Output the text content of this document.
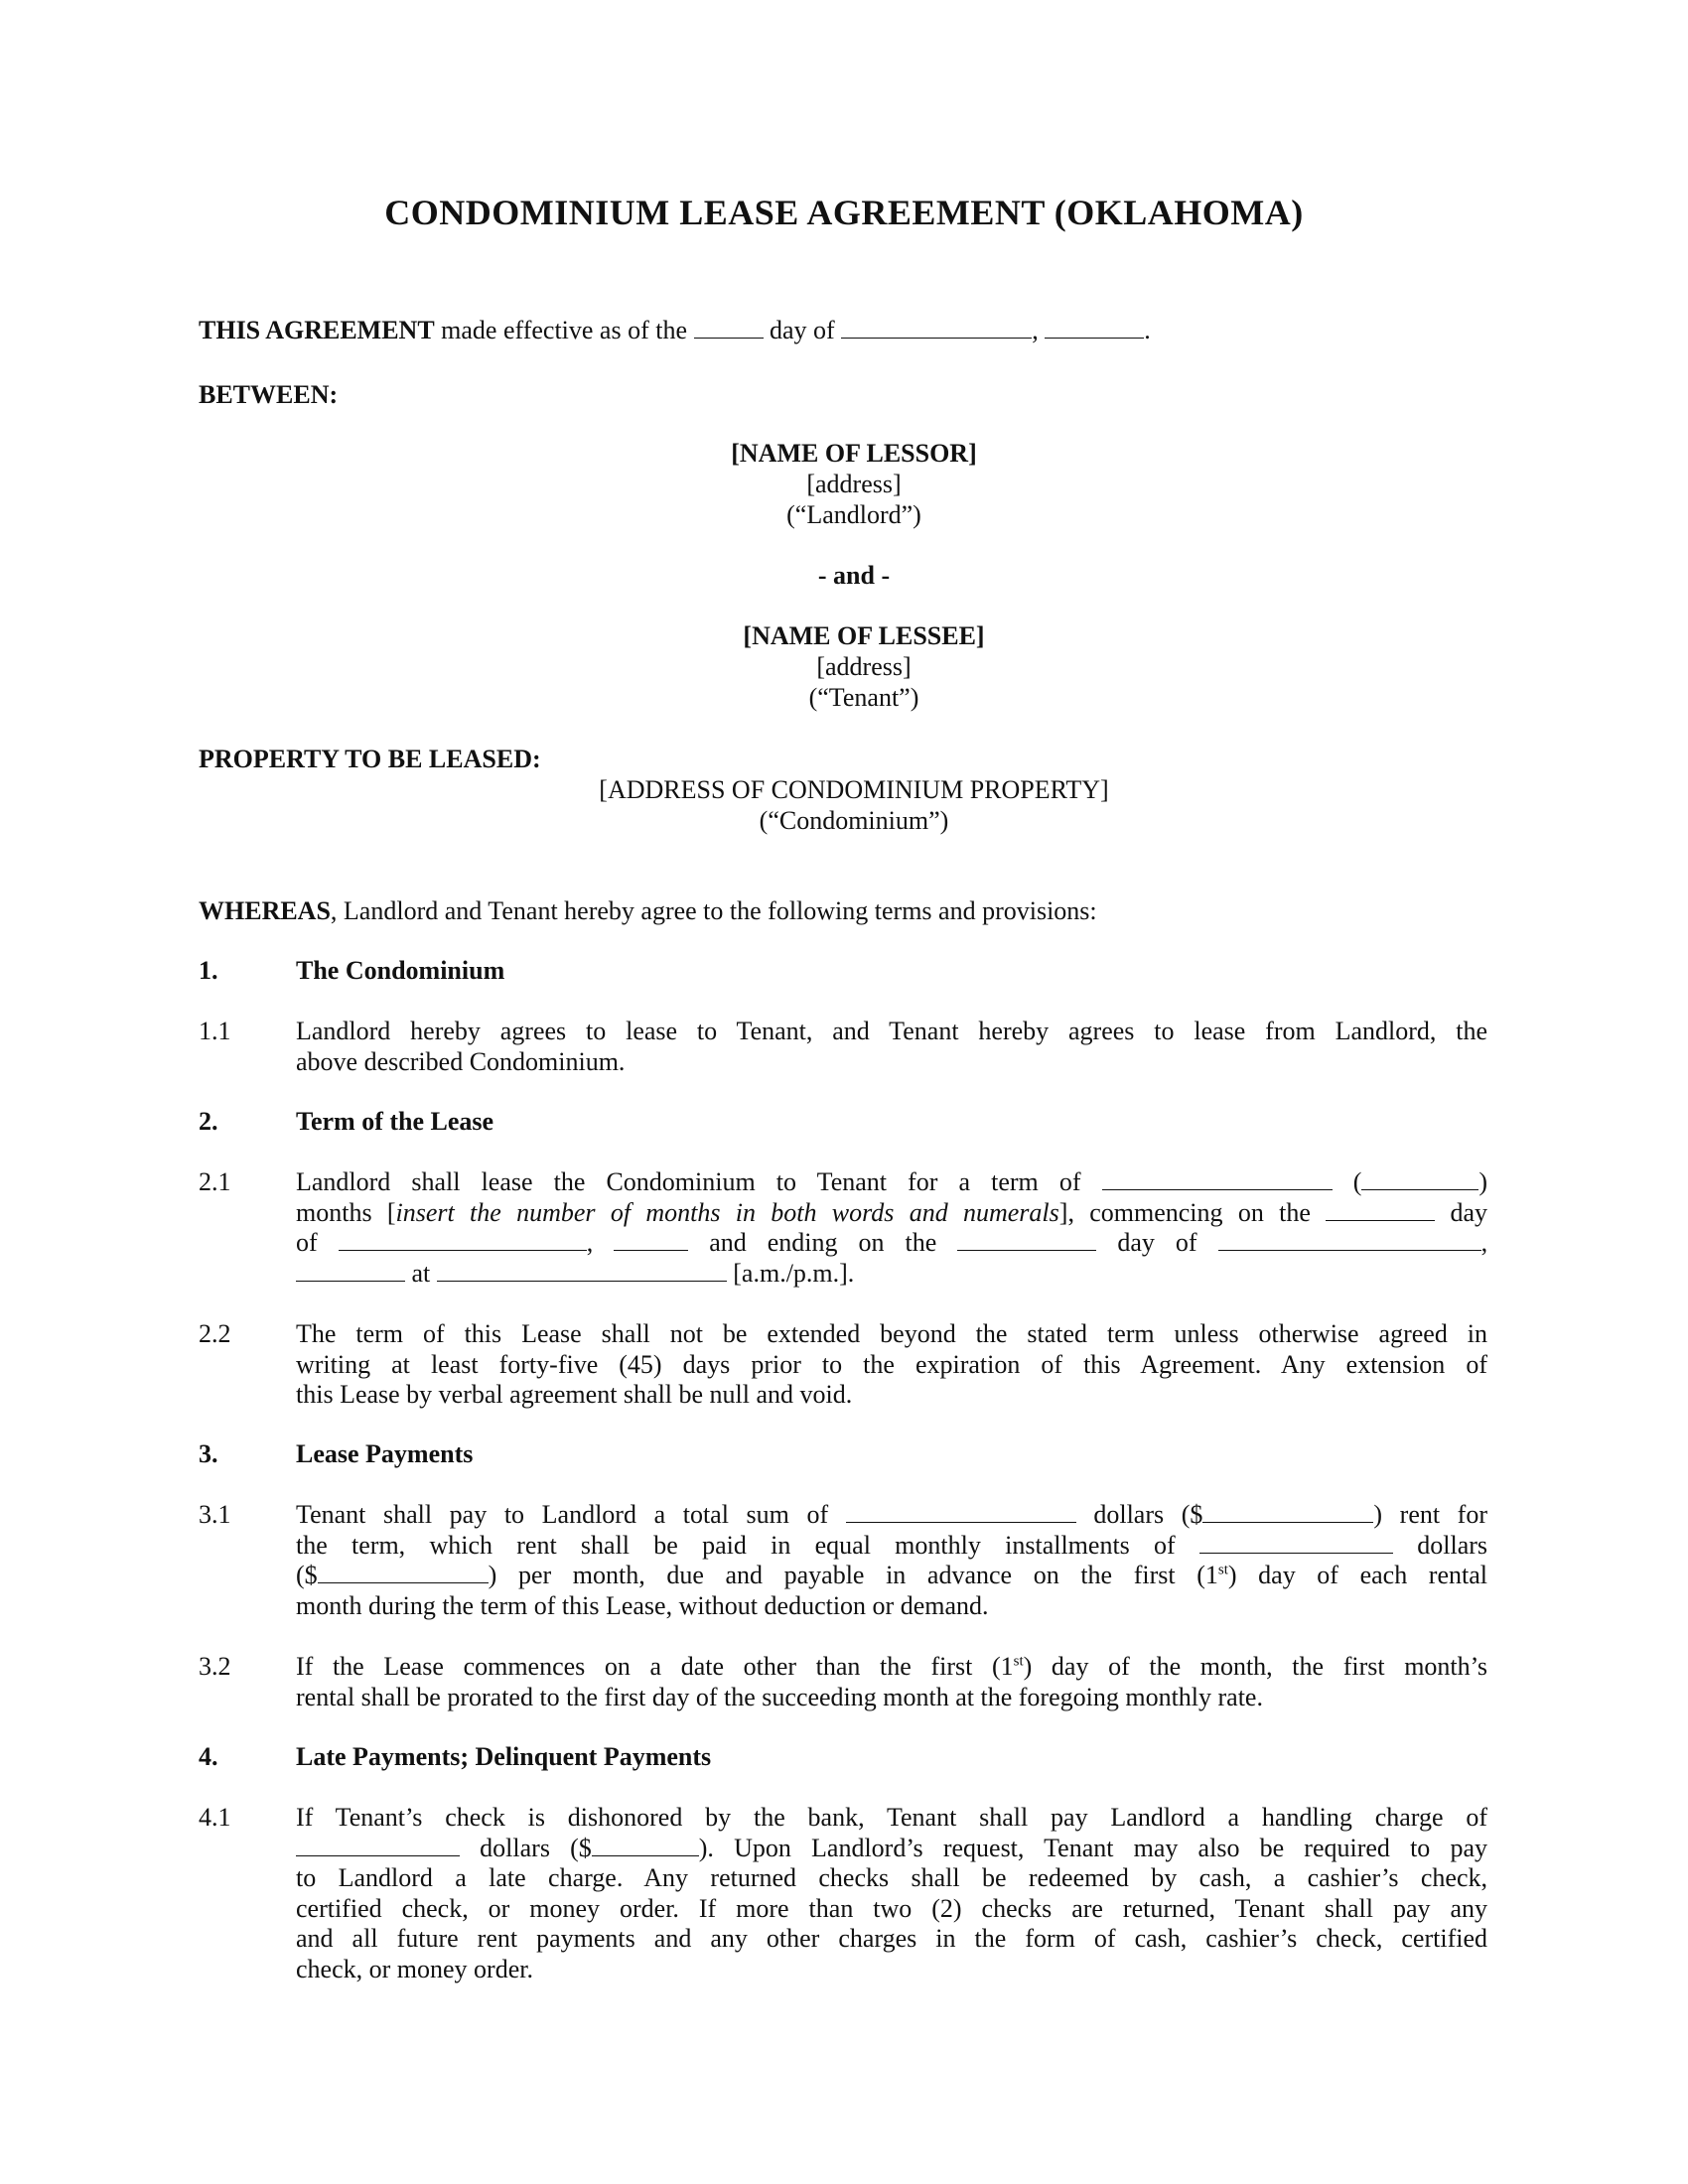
CONDOMINIUM LEASE AGREEMENT (OKLAHOMA)
THIS AGREEMENT made effective as of the	day of	,	.
BETWEEN:
[NAME OF LESSOR]
[address]
(“Landlord”)
- and -
[NAME OF LESSEE]
[address]
(“Tenant”)
PROPERTY TO BE LEASED:
[ADDRESS OF CONDOMINIUM PROPERTY]
(“Condominium”)
WHEREAS, Landlord and Tenant hereby agree to the following terms and provisions:
1.	The Condominium
1.1	Landlord hereby agrees to lease to Tenant, and Tenant hereby agrees to lease from Landlord, the
above described Condominium.
2.	Term of the Lease
2.1	Landlord shall lease the Condominium to Tenant for a term of	(	)
months [insert the number of months in both words and numerals], commencing on the	day
of	,	and ending on the	day of	,
at	[a.m./p.m.].
2.2	The term of this Lease shall not be extended beyond the stated term unless otherwise agreed in
writing at least forty-five (45) days prior to the expiration of this Agreement. Any extension of
this Lease by verbal agreement shall be null and void.
3.	Lease Payments
3.1	Tenant shall pay to Landlord a total sum of	dollars ($	) rent for
the term, which rent shall be paid in equal monthly installments of	dollars
($	) per month, due and payable in advance on the first (1st) day of each rental
month during the term of this Lease, without deduction or demand.
3.2	If the Lease commences on a date other than the first (1st) day of the month, the first month’s
rental shall be prorated to the first day of the succeeding month at the foregoing monthly rate.
4.	Late Payments; Delinquent Payments
4.1	If Tenant’s check is dishonored by the bank, Tenant shall pay Landlord a handling charge of
dollars ($	). Upon Landlord’s request, Tenant may also be required to pay
to Landlord a late charge. Any returned checks shall be redeemed by cash, a cashier’s check,
certified check, or money order. If more than two (2) checks are returned, Tenant shall pay any
and all future rent payments and any other charges in the form of cash, cashier’s check, certified
check, or money order.
